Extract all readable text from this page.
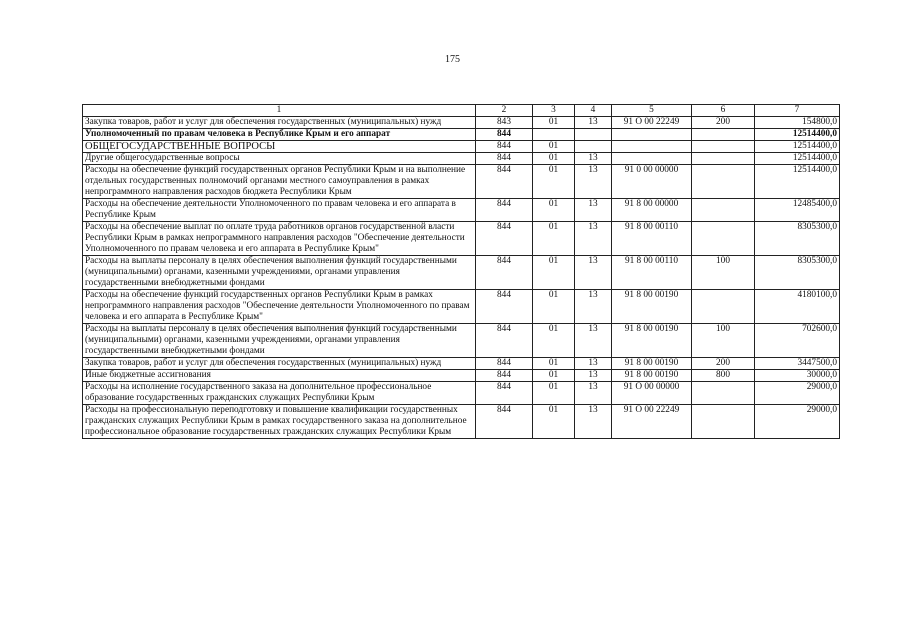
175
1	2	3	4	5	6	7
Закупка товаров, работ и услуг для обеспечения государственных (муниципальных) нужд	843	01	13	91 О 00 22249	200	154800,0
Уполномоченный по правам человека в Республике Крым и его аппарат	844					12514400,0
ОБЩЕГОСУДАРСТВЕННЫЕ ВОПРОСЫ	844	01				12514400,0
Другие общегосударственные вопросы	844	01	13			12514400,0
Расходы на обеспечение функций государственных органов Республики Крым и на выполнение отдельных государственных полномочий органами местного самоуправления в рамках непрограммного направления расходов бюджета Республики Крым	844	01	13	91 0 00 00000		12514400,0
Расходы на обеспечение деятельности Уполномоченного по правам человека и его аппарата в Республике Крым	844	01	13	91 8 00 00000		12485400,0
Расходы на обеспечение выплат по оплате труда работников органов государственной власти Республики Крым в рамках непрограммного направления расходов "Обеспечение деятельности Уполномоченного по правам человека и его аппарата в Республике Крым"	844	01	13	91 8 00 00110		8305300,0
Расходы на выплаты персоналу в целях обеспечения выполнения функций государственными (муниципальными) органами, казенными учреждениями, органами управления государственными внебюджетными фондами	844	01	13	91 8 00 00110	100	8305300,0
Расходы на обеспечение функций государственных органов Республики Крым в рамках непрограммного направления расходов "Обеспечение деятельности Уполномоченного по правам человека и его аппарата в Республике Крым"	844	01	13	91 8 00 00190		4180100,0
Расходы на выплаты персоналу в целях обеспечения выполнения функций государственными (муниципальными) органами, казенными учреждениями, органами управления государственными внебюджетными фондами	844	01	13	91 8 00 00190	100	702600,0
Закупка товаров, работ и услуг для обеспечения государственных (муниципальных) нужд	844	01	13	91 8 00 00190	200	3447500,0
Иные бюджетные ассигнования	844	01	13	91 8 00 00190	800	30000,0
Расходы на исполнение государственного заказа на дополнительное профессиональное образование государственных гражданских служащих Республики Крым	844	01	13	91 О 00 00000		29000,0
Расходы на профессиональную переподготовку и повышение квалификации государственных гражданских служащих Республики Крым в рамках государственного заказа на дополнительное профессиональное образование государственных гражданских служащих Республики Крым	844	01	13	91 О 00 22249		29000,0
